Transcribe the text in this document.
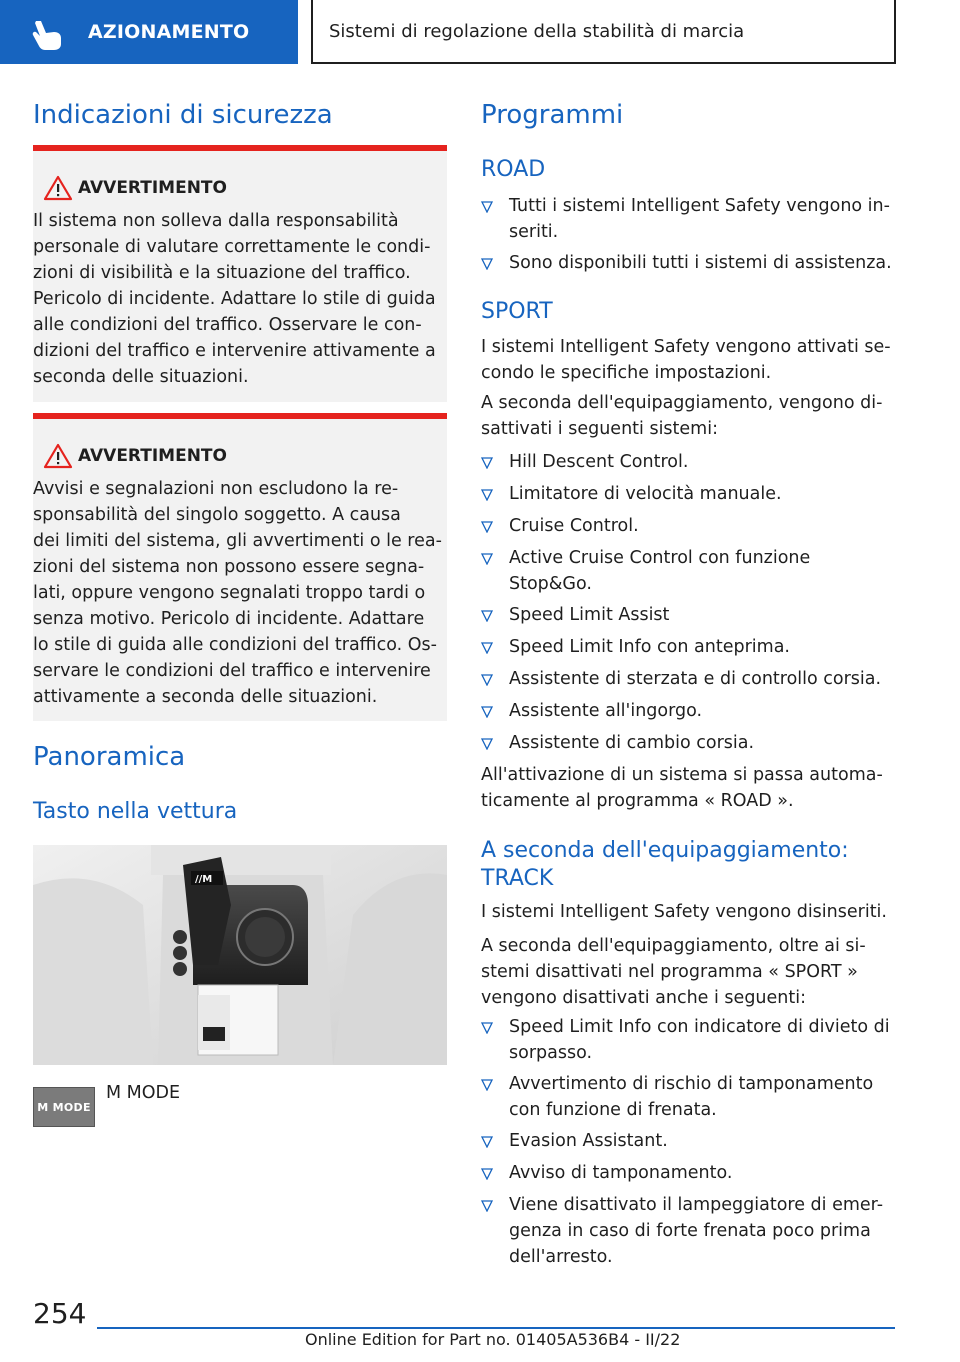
AZIONAMENTO	Sistemi di regolazione della stabilità di marcia
Indicazioni di sicurezza
AVVERTIMENTO
Il sistema non solleva dalla responsabilità
personale di valutare correttamente le condi-
zioni di visibilità e la situazione del traffico.
Pericolo di incidente. Adattare lo stile di guida
alle condizioni del traffico. Osservare le con-
dizioni del traffico e intervenire attivamente a
seconda delle situazioni.
AVVERTIMENTO
Avvisi e segnalazioni non escludono la re-
sponsabilità del singolo soggetto. A causa
dei limiti del sistema, gli avvertimenti o le rea-
zioni del sistema non possono essere segna-
lati, oppure vengono segnalati troppo tardi o
senza motivo. Pericolo di incidente. Adattare
lo stile di guida alle condizioni del traffico. Os-
servare le condizioni del traffico e intervenire
attivamente a seconda delle situazioni.
Panoramica
Tasto nella vettura
//M
M MODE
M MODE
Programmi
ROAD
Tutti i sistemi Intelligent Safety vengono in-
seriti.
Sono disponibili tutti i sistemi di assistenza.
SPORT
I sistemi Intelligent Safety vengono attivati se-
condo le specifiche impostazioni.
A seconda dell'equipaggiamento, vengono di-
sattivati i seguenti sistemi:
Hill Descent Control.
Limitatore di velocità manuale.
Cruise Control.
Active Cruise Control con funzione
Stop&Go.
Speed Limit Assist
Speed Limit Info con anteprima.
Assistente di sterzata e di controllo corsia.
Assistente all'ingorgo.
Assistente di cambio corsia.
All'attivazione di un sistema si passa automa-
ticamente al programma « ROAD ».
A seconda dell'equipaggiamento:
TRACK
I sistemi Intelligent Safety vengono disinseriti.
A seconda dell'equipaggiamento, oltre ai si-
stemi disattivati nel programma « SPORT »
vengono disattivati anche i seguenti:
Speed Limit Info con indicatore di divieto di
sorpasso.
Avvertimento di rischio di tamponamento
con funzione di frenata.
Evasion Assistant.
Avviso di tamponamento.
Viene disattivato il lampeggiatore di emer-
genza in caso di forte frenata poco prima
dell'arresto.
254
Online Edition for Part no. 01405A536B4 - II/22
